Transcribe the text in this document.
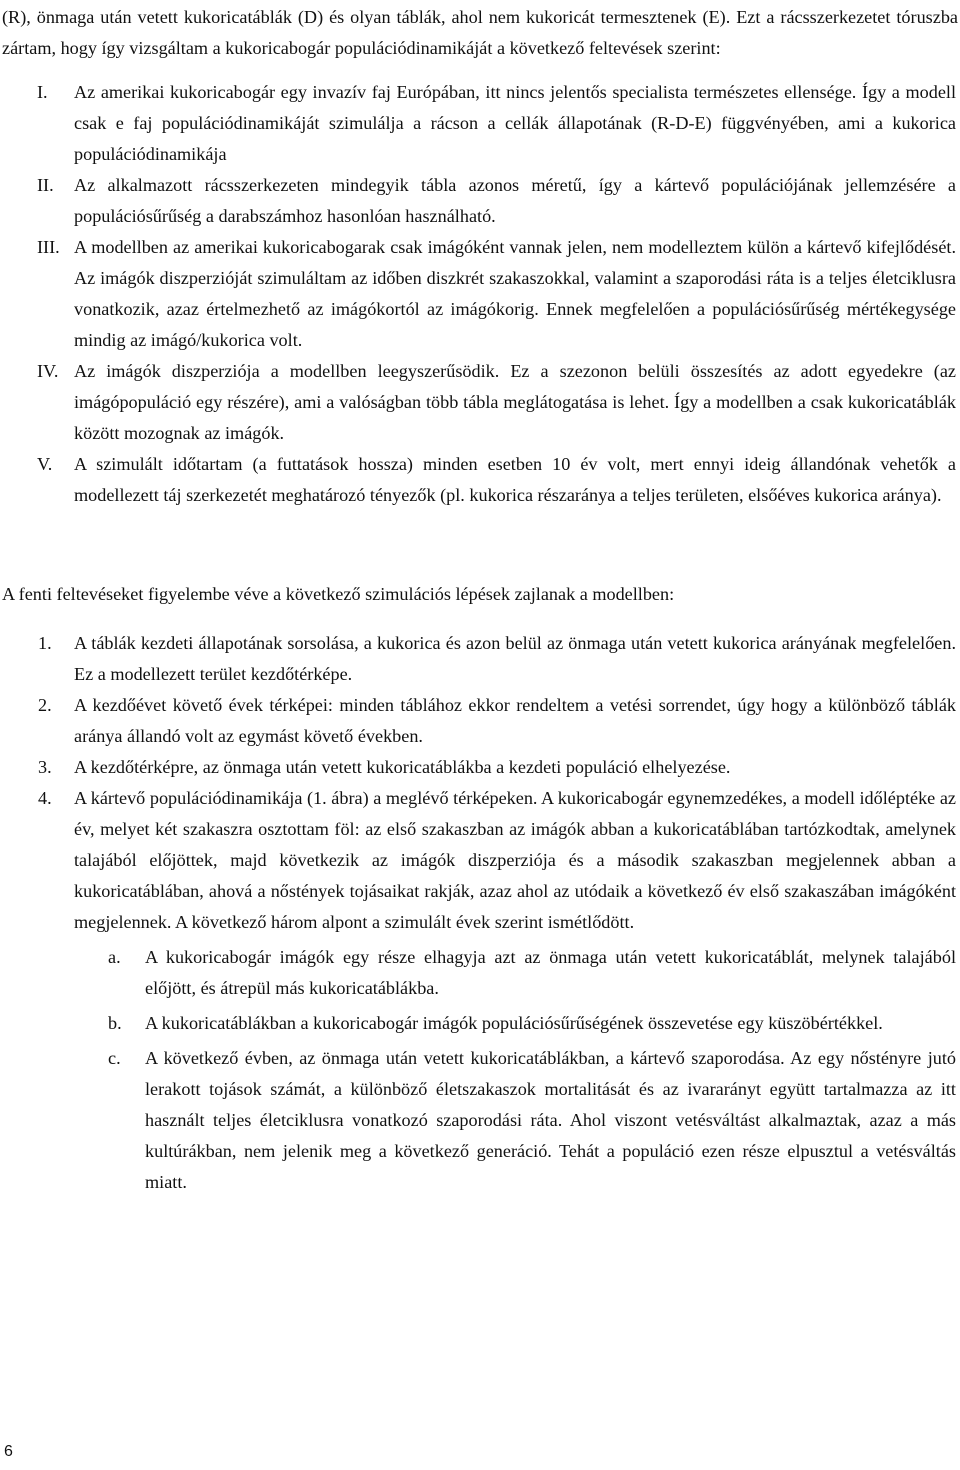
(R), önmaga után vetett kukoricatáblák (D) és olyan táblák, ahol nem kukoricát termesztenek (E). Ezt a rácsszerkezetet tóruszba zártam, hogy így vizsgáltam a kukoricabogár populációdinamikáját a következő feltevések szerint:

I. Az amerikai kukoricabogár egy invazív faj Európában, itt nincs jelentős specialista természetes ellensége. Így a modell csak e faj populációdinamikáját szimulálja a rácson a cellák állapotának (R-D-E) függvényében, ami a kukorica populációdinamikája
II. Az alkalmazott rácsszerkezeten mindegyik tábla azonos méretű, így a kártevő populációjának jellemzésére a populációsűrűség a darabszámhoz hasonlóan használható.
III. A modellben az amerikai kukoricabogarak csak imágóként vannak jelen, nem modelleztem külön a kártevő kifejlődését. Az imágók diszperzióját szimuláltam az időben diszkrét szakaszokkal, valamint a szaporodási ráta is a teljes életciklusra vonatkozik, azaz értelmezhető az imágókortól az imágókorig. Ennek megfelelően a populációsűrűség mértékegysége mindig az imágó/kukorica volt.
IV. Az imágók diszperziója a modellben leegyszerűsödik. Ez a szezonon belüli összesítés az adott egyedekre (az imágópopuláció egy részére), ami a valóságban több tábla meglátogatása is lehet. Így a modellben a csak kukoricatáblák között mozognak az imágók.
V. A szimulált időtartam (a futtatások hossza) minden esetben 10 év volt, mert ennyi ideig állandónak vehetők a modellezett táj szerkezetét meghatározó tényezők (pl. kukorica részaránya a teljes területen, elsőéves kukorica aránya).

A fenti feltevéseket figyelembe véve a következő szimulációs lépések zajlanak a modellben:

1. A táblák kezdeti állapotának sorsolása, a kukorica és azon belül az önmaga után vetett kukorica arányának megfelelően. Ez a modellezett terület kezdőtérképe.
2. A kezdőévet követő évek térképei: minden táblához ekkor rendeltem a vetési sorrendet, úgy hogy a különböző táblák aránya állandó volt az egymást követő években.
3. A kezdőtérképre, az önmaga után vetett kukoricatáblákba a kezdeti populáció elhelyezése.
4. A kártevő populációdinamikája (1. ábra) a meglévő térképeken. A kukoricabogár egynemzedékes, a modell időléptéke az év, melyet két szakaszra osztottam föl: az első szakaszban az imágók abban a kukoricatáblában tartózkodtak, amelynek talajából előjöttek, majd következik az imágók diszperziója és a második szakaszban megjelennek abban a kukoricatáblában, ahová a nőstények tojásaikat rakják, azaz ahol az utódaik a következő év első szakaszában imágóként megjelennek. A következő három alpont a szimulált évek szerint ismétlődött.
a. A kukoricabogár imágók egy része elhagyja azt az önmaga után vetett kukoricatáblát, melynek talajából előjött, és átrepül más kukoricatáblákba.
b. A kukoricatáblákban a kukoricabogár imágók populációsűrűségének összevetése egy küszöbértékkel.
c. A következő évben, az önmaga után vetett kukoricatáblákban, a kártevő szaporodása. Az egy nőstényre jutó lerakott tojások számát, a különböző életszakaszok mortalitását és az ivararányt együtt tartalmazza az itt használt teljes életciklusra vonatkozó szaporodási ráta. Ahol viszont vetésváltást alkalmaztak, azaz a más kultúrákban, nem jelenik meg a következő generáció. Tehát a populáció ezen része elpusztul a vetésváltás miatt.
6
